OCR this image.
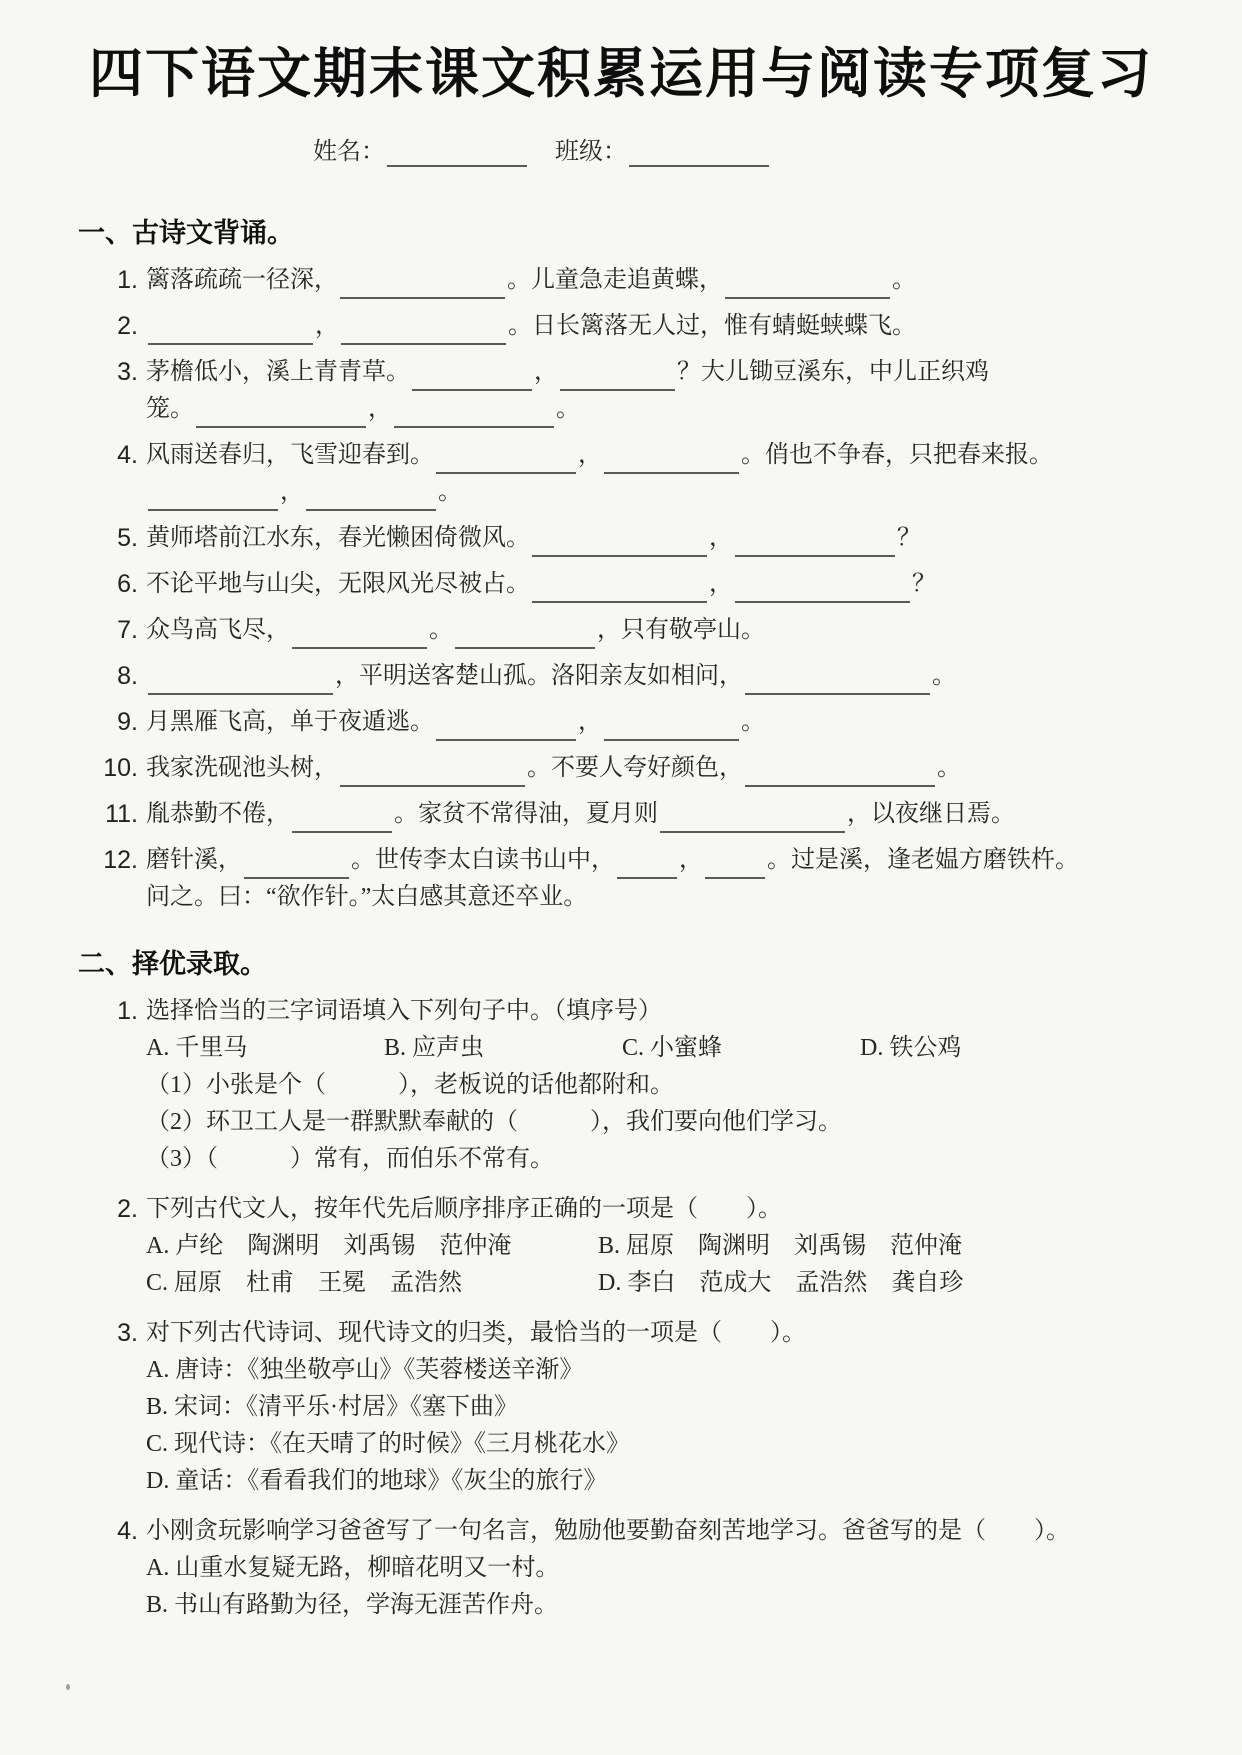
四下语文期末课文积累运用与阅读专项复习
姓名：	班级：
一、古诗文背诵。
1. 篱落疏疏一径深，	。儿童急走追黄蝶，	。
2.	，	。日长篱落无人过，惟有蜻蜓蛱蝶飞。
3. 茅檐低小，溪上青青草。	，	？大儿锄豆溪东，中儿正织鸡
笼。	，	。
4. 风雨送春归，飞雪迎春到。	，	。俏也不争春，只把春来报。
，	。
5. 黄师塔前江水东，春光懒困倚微风。	，	？
6. 不论平地与山尖，无限风光尽被占。	，	？
7. 众鸟高飞尽，	。	，只有敬亭山。
8.	，平明送客楚山孤。洛阳亲友如相问，	。
9. 月黑雁飞高，单于夜遁逃。	，	。
10. 我家洗砚池头树，	。不要人夸好颜色，	。
11. 胤恭勤不倦，	。家贫不常得油，夏月则	，以夜继日焉。
12. 磨针溪，	。世传李太白读书山中，	，	。过是溪，逢老媪方磨铁杵。
问之。曰：“欲作针。”太白感其意还卒业。
二、择优录取。
1. 选择恰当的三字词语填入下列句子中。（填序号）
A. 千里马	B. 应声虫	C. 小蜜蜂	D. 铁公鸡
（1）小张是个（　　　），老板说的话他都附和。
（2）环卫工人是一群默默奉献的（　　　），我们要向他们学习。
（3）（　　　）常有，而伯乐不常有。
2. 下列古代文人，按年代先后顺序排序正确的一项是（　　）。
A. 卢纶　陶渊明　刘禹锡　范仲淹	B. 屈原　陶渊明　刘禹锡　范仲淹
C. 屈原　杜甫　王冕　孟浩然	D. 李白　范成大　孟浩然　龚自珍
3. 对下列古代诗词、现代诗文的归类，最恰当的一项是（　　）。
A. 唐诗：《独坐敬亭山》《芙蓉楼送辛渐》
B. 宋词：《清平乐·村居》《塞下曲》
C. 现代诗：《在天晴了的时候》《三月桃花水》
D. 童话：《看看我们的地球》《灰尘的旅行》
4. 小刚贪玩影响学习爸爸写了一句名言，勉励他要勤奋刻苦地学习。爸爸写的是（　　）。
A. 山重水复疑无路，柳暗花明又一村。
B. 书山有路勤为径，学海无涯苦作舟。
